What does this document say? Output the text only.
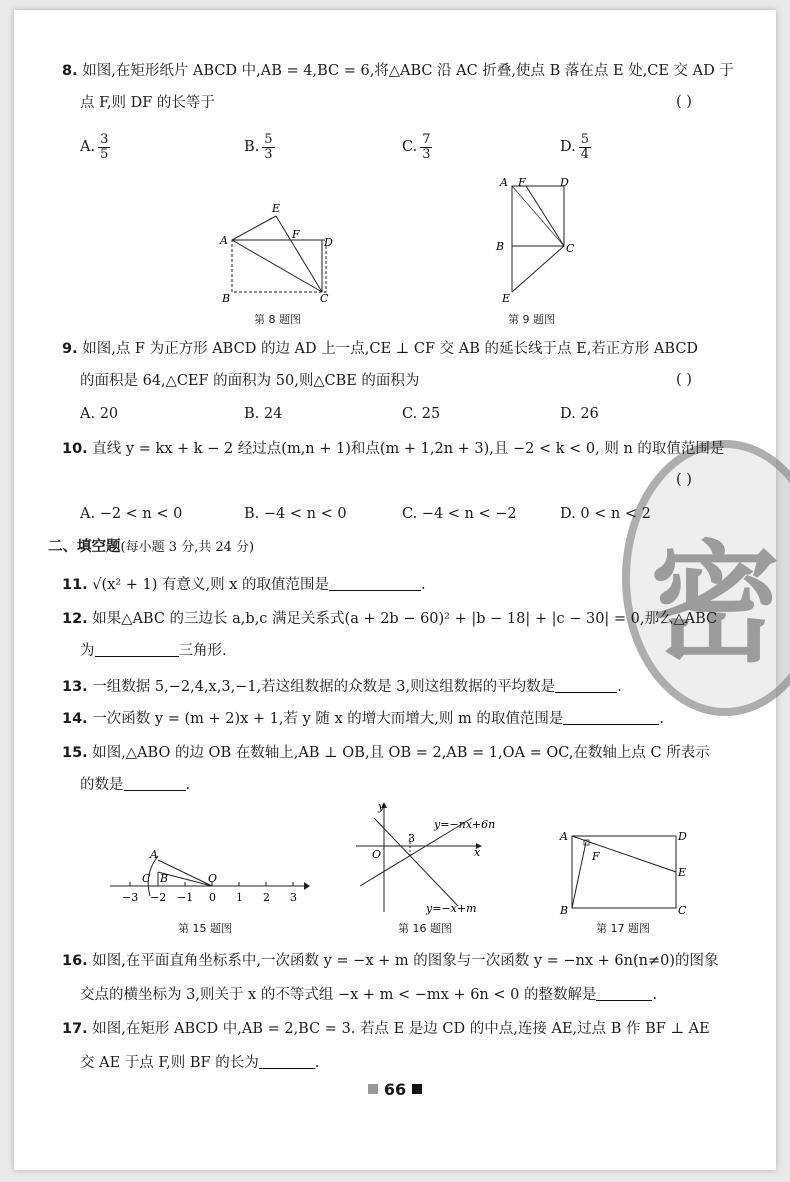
8. 如图,在矩形纸片 ABCD 中,AB = 4,BC = 6,将△ABC 沿 AC 折叠,使点 B 落在点 E 处,CE 交 AD 于
点 F,则 DF 的长等于	( )
A. $\frac{3}{5}$	B. $\frac{5}{3}$	C. $\frac{7}{3}$	D. $\frac{5}{4}$
A
B	C
D
E
F
第 8 题图
A F	D
B	C
E
第 9 题图
9. 如图,点 F 为正方形 ABCD 的边 AD 上一点,CE ⊥ CF 交 AB 的延长线于点 E,若正方形 ABCD
的面积是 64,△CEF 的面积为 50,则△CBE 的面积为	( )
A. 20	B. 24	C. 25	D. 26
密
10. 直线 y = kx + k − 2 经过点(m,n + 1)和点(m + 1,2n + 3),且 −2 < k < 0, 则 n 的取值范围是
( )
A. −2 < n < 0	B. −4 < n < 0	C. −4 < n < −2	D. 0 < n < 2
二、填空题(每小题 3 分,共 24 分)
11. √(x² + 1) 有意义,则 x 的取值范围是	.
12. 如果△ABC 的三边长 a,b,c 满足关系式(a + 2b − 60)² + |b − 18| + |c − 30| = 0,那么△ABC
为	三角形.
13. 一组数据 5,−2,4,x,3,−1,若这组数据的众数是 3,则这组数据的平均数是	.
14. 一次函数 y = (m + 2)x + 1,若 y 随 x 的增大而增大,则 m 的取值范围是	.
15. 如图,△ABO 的边 OB 在数轴上,AB ⊥ OB,且 OB = 2,AB = 1,OA = OC,在数轴上点 C 所表示
的数是	.
A
B
C	O
−3 −2 −1 0 1 2 3
第 15 题图
y
x
O
3
y=−nx+6n
y=−x+m
第 16 题图
A	D
E
B	C
F
第 17 题图
16. 如图,在平面直角坐标系中,一次函数 y = −x + m 的图象与一次函数 y = −nx + 6n(n≠0)的图象
交点的横坐标为 3,则关于 x 的不等式组 −x + m < −mx + 6n < 0 的整数解是	.
17. 如图,在矩形 ABCD 中,AB = 2,BC = 3. 若点 E 是边 CD 的中点,连接 AE,过点 B 作 BF ⊥ AE
交 AE 于点 F,则 BF 的长为	.
66
